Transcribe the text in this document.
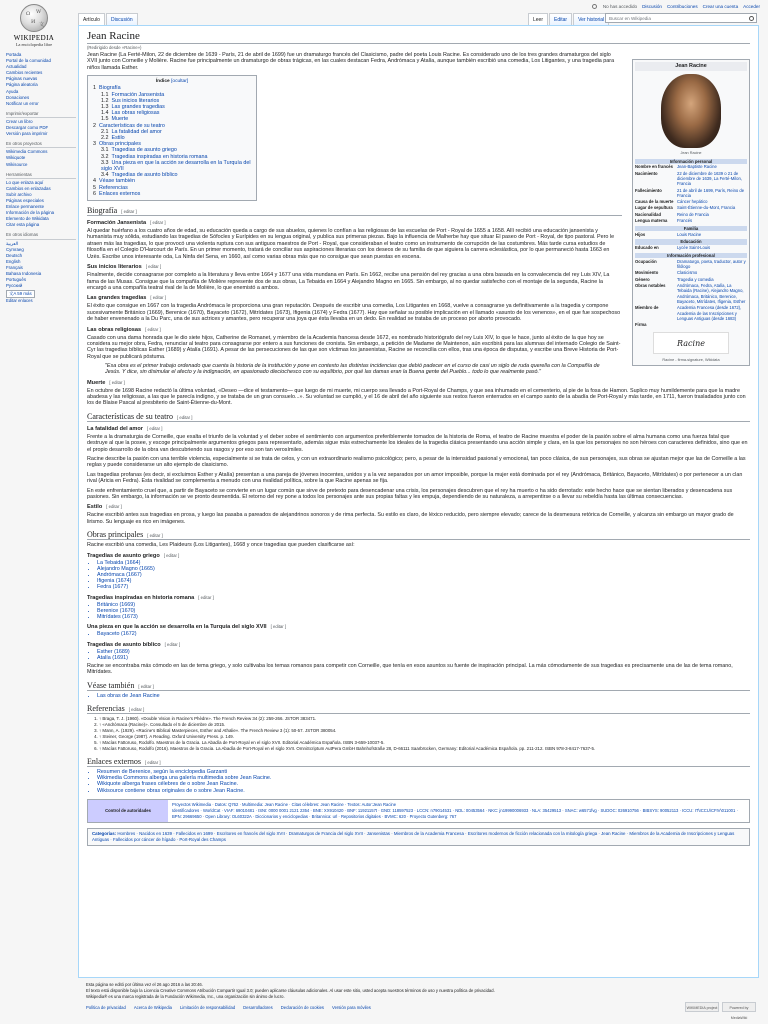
No has accedido Discusión Contribuciones Crear una cuenta Acceder
Ω W
И 文
WIKIPEDIA
La enciclopedia libre
Artículo	Discusión	Leer	Editar	Ver historial	Buscar en Wikipedia
Portada
Portal de la comunidad
Actualidad
Cambios recientes
Páginas nuevas
Página aleatoria
Ayuda
Donaciones
Notificar un error
Imprimir/exportar
Crear un libro
Descargar como PDF
Versión para imprimir
En otros proyectos
Wikimedia Commons
Wikiquote
Wikisource
Herramientas
Lo que enlaza aquí
Cambios en enlazadas
Subir archivo
Páginas especiales
Enlace permanente
Información de la página
Elemento de Wikidata
Citar esta página
En otros idiomas
العربية
Cymraeg
Deutsch
English
Français
Bahasa Indonesia
Português
Русский
文A 59 más
Editar enlaces
Jean Racine
(Redirigido desde «Racine»)

Jean Racine (La Ferté-Milon, 22 de diciembre de 1639 - París, 21 de abril de 1699) fue un dramaturgo francés del Clasicismo, padre del poeta Louis Racine. Es considerado uno de los tres grandes dramaturgos del siglo XVII junto con Corneille y Molière. Racine fue principalmente un dramaturgo de obras trágicas, en las cuales destacan Fedra, Andrómaca y Atalía, aunque también escribió una comedia, Los Litigantes, y una tragedia para niños llamada Esther.

Índice [ocultar]
1 Biografía
1.1 Formación Jansenista
1.2 Sus inicios literarios
1.3 Las grandes tragedias
1.4 Las obras religiosas
1.5 Muerte
2 Características de su teatro
2.1 La fatalidad del amor
2.2 Estilo
3 Obras principales
3.1 Tragedias de asunto griego
3.2 Tragedias inspiradas en historia romana
3.3 Una pieza en que la acción se desarrolla en la Turquía del siglo XVII
3.4 Tragedias de asunto bíblico
4 Véase también
5 Referencias
6 Enlaces externos
Biografía [ editar ]
Formación Jansenista [ editar ]

Al quedar huérfano a los cuatro años de edad, su educación queda a cargo de sus abuelos, quienes lo confían a las religiosas de las escuelas de Port - Royal de 1655 a 1658. Allí recibió una educación jansenista y humanista muy sólida, estudiando las tragedias de Sófocles y Eurípides en su lengua original, y publica sus primeras piezas. Bajo la influencia de Malherbe hay que situar El paseo de Port - Royal, de tipo pastoral. Pero le atraen más las tragedias, lo que provocó una violenta ruptura con sus antiguos maestros de Port - Royal, que consideraban el teatro como un instrumento de corrupción de las costumbres. Más tarde cursa estudios de filosofía en el Colegio D'Harcourt de París. En un primer momento, tratará de conciliar sus aspiraciones literarias con los deseos de su familia de que siguiera la carrera eclesiástica, por lo que permaneció hasta 1663 en Uzès. Escribe unos interesante oda, La Ninfa del Sena, en 1660, así como varias obras más que no consigue que sean puestas en escena.

Sus inicios literarios [ editar ]

Finalmente, decide consagrarse por completo a la literatura y lleva entre 1664 y 1677 una vida mundana en París. En 1662, recibe una pensión del rey gracias a una obra basada en la convalecencia del rey Luis XIV, La fama de las Musas. Consigue que la compañía de Molière represente dos de sus obras, La Tebaida en 1664 y Alejandro Magno en 1665. Sin embargo, al no quedar satisfecho con el montaje de la segunda, Racine la encargó a una compañía teatral rival de la de Molière, lo que enemistó a ambos.

Las grandes tragedias [ editar ]

El éxito que consigue en 1667 con la tragedia Andrómaca le proporciona una gran reputación. Después de escribir una comedia, Los Litigantes en 1668, vuelve a consagrarse ya definitivamente a la tragedia y compone sucesivamente Británico (1669), Berenice (1670), Bayaceto (1672), Mitrídates (1673), Ifigenia (1674) y Fedra (1677). Hay que señalar su posible implicación en el llamado «asunto de los venenos», en el que fue sospechoso de haber envenenado a la Du Parc, una de sus actrices y amantes, pero recuperar una joya que ésta llevaba en un dedo. En realidad se trataba de un proceso por aborto provocado.

Las obras religiosas [ editar ]

Casado con una dama honrada que le dio siete hijos, Catherine de Romanet, y miembro de la Academia francesa desde 1672, es nombrado historiógrafo del rey Luis XIV, lo que le hace, junto al éxito de la que hoy se considera su mejor obra, Fedra, renunciar al teatro para consagrarse por entero a sus funciones de cronista. Sin embargo, a petición de Madame de Maintenon, aún escribirá para las alumnas del internado Colegio de Saint-Cyr las tragedias bíblicas Esther (1689) y Atalía (1691). A pesar de las persecuciones de las que son víctimas los jansenistas, Racine se reconcilia con ellos, tras una época de disputas, y escribe una Breve Historia de Port-Royal que se publicará póstuma.

"Esa obra es el primer trabajo ordenado que cuenta la historia de la institución y pone en contexto las distintas incidencias que debió padecer en el curso de casi un siglo de ruda querella con la Compañía de Jesús. Y dice, sin disimular el afecto y la indignación, en apasionado dieciochesco con su equilibrio, por qué las damas eran la Buena gente del Pueblo... todo lo que realmente pasó."
Muerte [ editar ]

En octubre de 1698 Racine redactó la última voluntad, «Deseo —dice el testamento— que luego de mi muerte, mi cuerpo sea llevado a Port-Royal de Champs, y que sea inhumado en el cementerio, al pie de la fosa de Hamon. Suplico muy humildemente para que la madre abadesa y las religiosas, a las que le parecía indigno, y se trataba de un gran consuelo...». Su voluntad se cumplió, y el 16 de abril del año siguiente sus restos fueron enterrados en el campo santo de la abadía de Port-Royal y más tarde, en 1711, fueron trasladados junto con los de Blaise Pascal al presbiterio de Saint-Étienne-du-Mont.

Características de su teatro [ editar ]
La fatalidad del amor [ editar ]

Frente a la dramaturgia de Corneille, que exalta el triunfo de la voluntad y el deber sobre el sentimiento con argumentos preferiblemente tomados de la historia de Roma, el teatro de Racine muestra el poder de la pasión sobre el alma humana como una fuerza fatal que destruye al que la posee, y escoge principalmente argumentos griegos para representarlo, además sigue más estrechamente los ideales de la tragedia clásica presentando una acción simple y clara, en la que los personajes no son héroes con caracteres definidos, sino que en el propio desarrollo de la obra van descubriendo sus rasgos y por eso son tan verosímiles.

Racine describe la pasión con una terrible violencia, especialmente si se trata de celos, y con un extraordinario realismo psicológico; pero, a pesar de la intensidad pasional y emocional, tan poco clásica, de sus personajes, sus obras se ajustan mejor que las de Corneille a las reglas y puede considerarse un alto ejemplo de clasicismo.

Las tragedias profanas (es decir, si excluimos Esther y Atalía) presentan a una pareja de jóvenes inocentes, unidos y a la vez separados por un amor imposible, porque la mujer está dominada por el rey (Andrómaca, Británico, Bayaceto, Mitrídates) o por pertenecer a un clan rival (Aricia en Fedra). Esta rivalidad se complementa a menudo con una rivalidad política, sobre la que Racine apenas se fija.

En este enfrentamiento cruel que, a partir de Bayaceto se convierte en un lugar común que sirve de pretexto para desencadenar una crisis, los personajes descubren que el rey ha muerto o ha sido derrotado: este hecho hace que se sientan liberados y desencadena sus pasiones. Sin embargo, la información se ve pronto desmentida. El retorno del rey pone a todos los personajes ante sus propias faltas y les empuja, dependiendo de su naturaleza, a arrepentirse o a llevar su rebeldía hasta las últimas consecuencias.

Estilo [ editar ]

Racine escribió antes sus tragedias en prosa, y luego las pasaba a pareados de alejandrinos sonoros y de rima perfecta. Su estilo es claro, de léxico reducido, pero siempre elevado; carece de la desmesura retórica de Corneille, y alcanza sin embargo un mayor grado de lirismo. Su lenguaje es rico en imágenes.

Obras principales [ editar ]

Racine escribió una comedia, Les Plaideurs (Los Litigantes), 1668 y once tragedias que pueden clasificarse así:

Tragedias de asunto griego [ editar ]
• La Tebaida (1664)
• Alejandro Magno (1665)
• Andrómaca (1667)
• Ifigenia (1674)
• Fedra (1677)
Tragedias inspiradas en historia romana [ editar ]
• Británico (1669)
• Berenice (1670)
• Mitrídates (1673)
Una pieza en que la acción se desarrolla en la Turquía del siglo XVII [ editar ]
• Bayaceto (1672)
Tragedias de asunto bíblico [ editar ]
• Esther (1689)
• Atalía (1691)

Racine se encontraba más cómodo en las de tema griego, y solo cultivaba los temas romanos para competir con Corneille, que tenía en esos asuntos su fuente de inspiración principal. La más cómodamente de sus tragedias es precisamente una de las de tema romano, Mitrídates.

Véase también [ editar ]
• Las obras de Jean Racine
Referencias [ editar ]
1. ↑ Braga, T. J. (1960). «Double Vision in Racine's Phèdre». The French Review 34 (2): 259-266. JSTOR 383471.
2. ↑ «Andrómaca (Racine)». Consultado el 5 de diciembre de 2015.
3. ↑ Mann, A. (1929). «Racine's Biblical Masterpieces, Esther and Athalie». The French Review 3 (1): 50-57. JSTOR 380054.
4. ↑ Steiner, George (1987). A Reading. Oxford University Press. p. 149.
5. ↑ Macías Fattoruso, Rodolfo. Maestros de la Gracia. La Abadía de Port-Royal en el siglo XVII. Editorial Académica Española. ISBN 3-659-10037-5.
6. ↑ Macías Fattoruso, Rodolfo (2016). Maestros de la Gracia. La Abadía de Port-Royal en el siglo XVII. OmniScriptum AutPera GmbH Bahnhofstraße 28, D-66111 Saarbrücken, Germany: Editorial Académica Española. pp. 211-212. ISBN 978-3-8417-7637-5.
Enlaces externos [ editar ]
• Resumen de Berenice, según la enciclopedia Garzanti
• Wikimedia Commons alberga una galería multimedia sobre Jean Racine.
• Wikiquote alberga frases célebres de o sobre Jean Racine.
• Wikisource contiene obras originales de o sobre Jean Racine.
Control de autoridades
Proyectos Wikimedia · Datos: Q762 · Multimedia: Jean Racine · Citas célebres: Jean Racine · Textos: Autor:Jean Racine
Identificadores · WorldCat · VIAF: 69010481 · ISNI: 0000 0001 2121 2354 · BNE: XX910420 · BNF: 11921157t · GND: 118597523 · LCCN: n79014531 · NDL: 00453564 · NKC: jn19990006933 · NLA: 35429513 · SNAC: w6571fvg · SUDOC: 026910756 · BIBSYS: 90052113 · ICCU: IT\ICCU\CFIV\011001 · BPN: 29669650 · Open Library: OL60322A · Diccionarios y enciclopedias · Britannica: url · Repositorios digitales · BVMC: 620 · Proyecto Gutenberg: 767
Categorías: Hombres · Nacidos en 1639 · Fallecidos en 1699 · Escritores en francés del siglo XVII · Dramaturgos de Francia del siglo XVII · Jansenistas · Miembros de la Academia Francesa · Escritores modernos de ficción relacionada con la mitología griega · Jean Racine · Miembros de la Academia de Inscripciones y Lenguas Antiguas · Fallecidos por cáncer de hígado · Port-Royal des Champs
Jean Racine
Jean Racine
Información personal
Nombre en francés Jean-Baptiste Racine
Nacimiento	22 de diciembre de 1639 o 21 de diciembre de 1639, La Ferté-Milon, Francia
Fallecimiento	21 de abril de 1699, París, Reino de Francia
Causa de la muerte Cáncer hepático
Lugar de sepultura	Saint-Étienne-du-Mont, Francia
Nacionalidad	Reino de Francia
Lengua materna	Francés
Familia
Hijos	Louis Racine
Educación
Educado en	Lycée Saint-Louis
Información profesional
Ocupación	Dramaturgo, poeta, traductor, autor y filólogo
Movimiento	Clasicismo
Género	Tragedia y comedia
Obras notables	Andrómaca, Fedra, Atalía, La Tebaida (Racine), Alejandro Magno, Andrómaca, Británico, Berenice, Bayaceto, Mitrídates, Ifigenia, Esther
Miembro de	Academia Francesa (desde 1672), Academia de las Inscripciones y Lenguas Antiguas (desde 1683)
Firma
Racine
Racine - firma-signature, Wikidata
Esta página se editó por última vez el 26 ago 2016 a las 20:46.
El texto está disponible bajo la Licencia Creative Commons Atribución Compartir Igual 3.0; pueden aplicarse cláusulas adicionales. Al usar este sitio, usted acepta nuestros términos de uso y nuestra política de privacidad.
Wikipedia® es una marca registrada de la Fundación Wikimedia, Inc., una organización sin ánimo de lucro.
Política de privacidad Acerca de Wikipedia Limitación de responsabilidad Desarrolladores Declaración de cookies Versión para móviles	WIKIMEDIA project	Powered by MediaWiki
